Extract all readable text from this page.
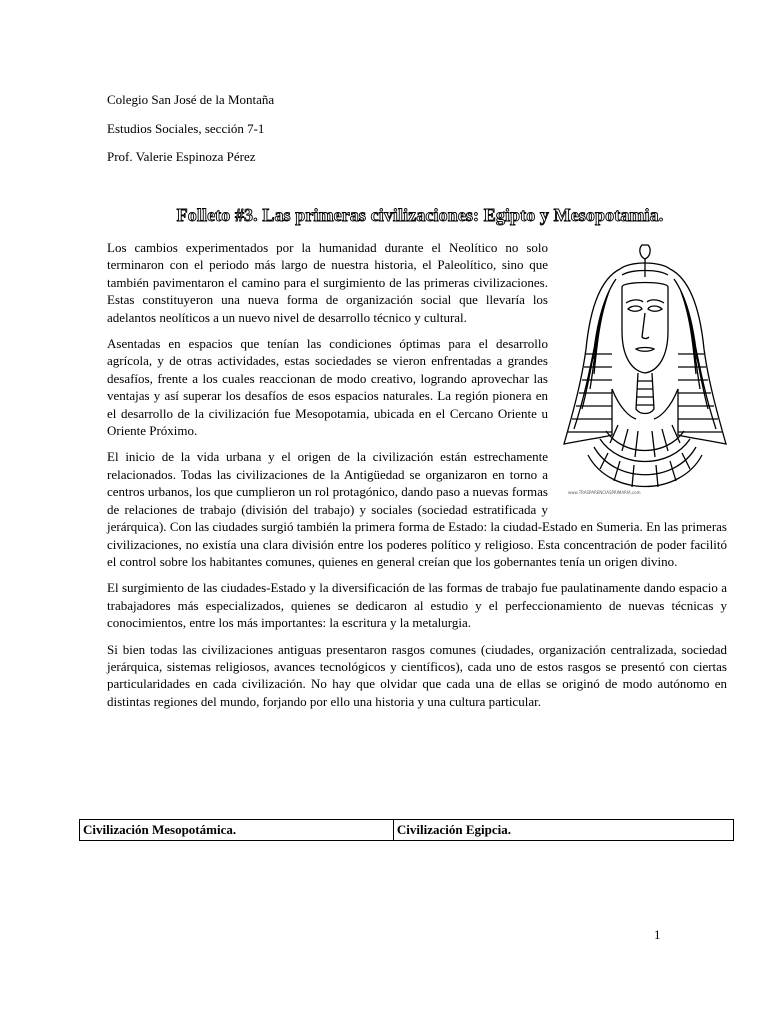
Colegio San José de la Montaña
Estudios Sociales, sección 7-1
Prof. Valerie Espinoza Pérez
Folleto #3. Las primeras civilizaciones: Egipto y Mesopotamia.
www.TRASPARENCIASPRIMARIA.com

Los cambios experimentados por la humanidad durante el Neolítico no solo terminaron con el periodo más largo de nuestra historia, el Paleolítico, sino que también pavimentaron el camino para el surgimiento de las primeras civilizaciones. Estas constituyeron una nueva forma de organización social que llevaría los adelantos neolíticos a un nuevo nivel de desarrollo técnico y cultural.

Asentadas en espacios que tenían las condiciones óptimas para el desarrollo agrícola, y de otras actividades, estas sociedades se vieron enfrentadas a grandes desafíos, frente a los cuales reaccionan de modo creativo, logrando aprovechar las ventajas y así superar los desafíos de esos espacios naturales. La región pionera en el desarrollo de la civilización fue Mesopotamia, ubicada en el Cercano Oriente u Oriente Próximo.

El inicio de la vida urbana y el origen de la civilización están estrechamente relacionados. Todas las civilizaciones de la Antigüedad se organizaron en torno a centros urbanos, los que cumplieron un rol protagónico, dando paso a nuevas formas de relaciones de trabajo (división del trabajo) y sociales (sociedad estratificada y jerárquica). Con las ciudades surgió también la primera forma de Estado: la ciudad-Estado en Sumeria. En las primeras civilizaciones, no existía una clara división entre los poderes político y religioso. Esta concentración de poder facilitó el control sobre los habitantes comunes, quienes en general creían que los gobernantes tenía un origen divino.

El surgimiento de las ciudades-Estado y la diversificación de las formas de trabajo fue paulatinamente dando espacio a trabajadores más especializados, quienes se dedicaron al estudio y el perfeccionamiento de nuevas técnicas y conocimientos, entre los más importantes: la escritura y la metalurgia.

Si bien todas las civilizaciones antiguas presentaron rasgos comunes (ciudades, organización centralizada, sociedad jerárquica, sistemas religiosos, avances tecnológicos y científicos), cada uno de estos rasgos se presentó con ciertas particularidades en cada civilización. No hay que olvidar que cada una de ellas se originó de modo autónomo en distintas regiones del mundo, forjando por ello una historia y una cultura particular.

Civilización Mesopotámica.	Civilización Egipcia.
1
